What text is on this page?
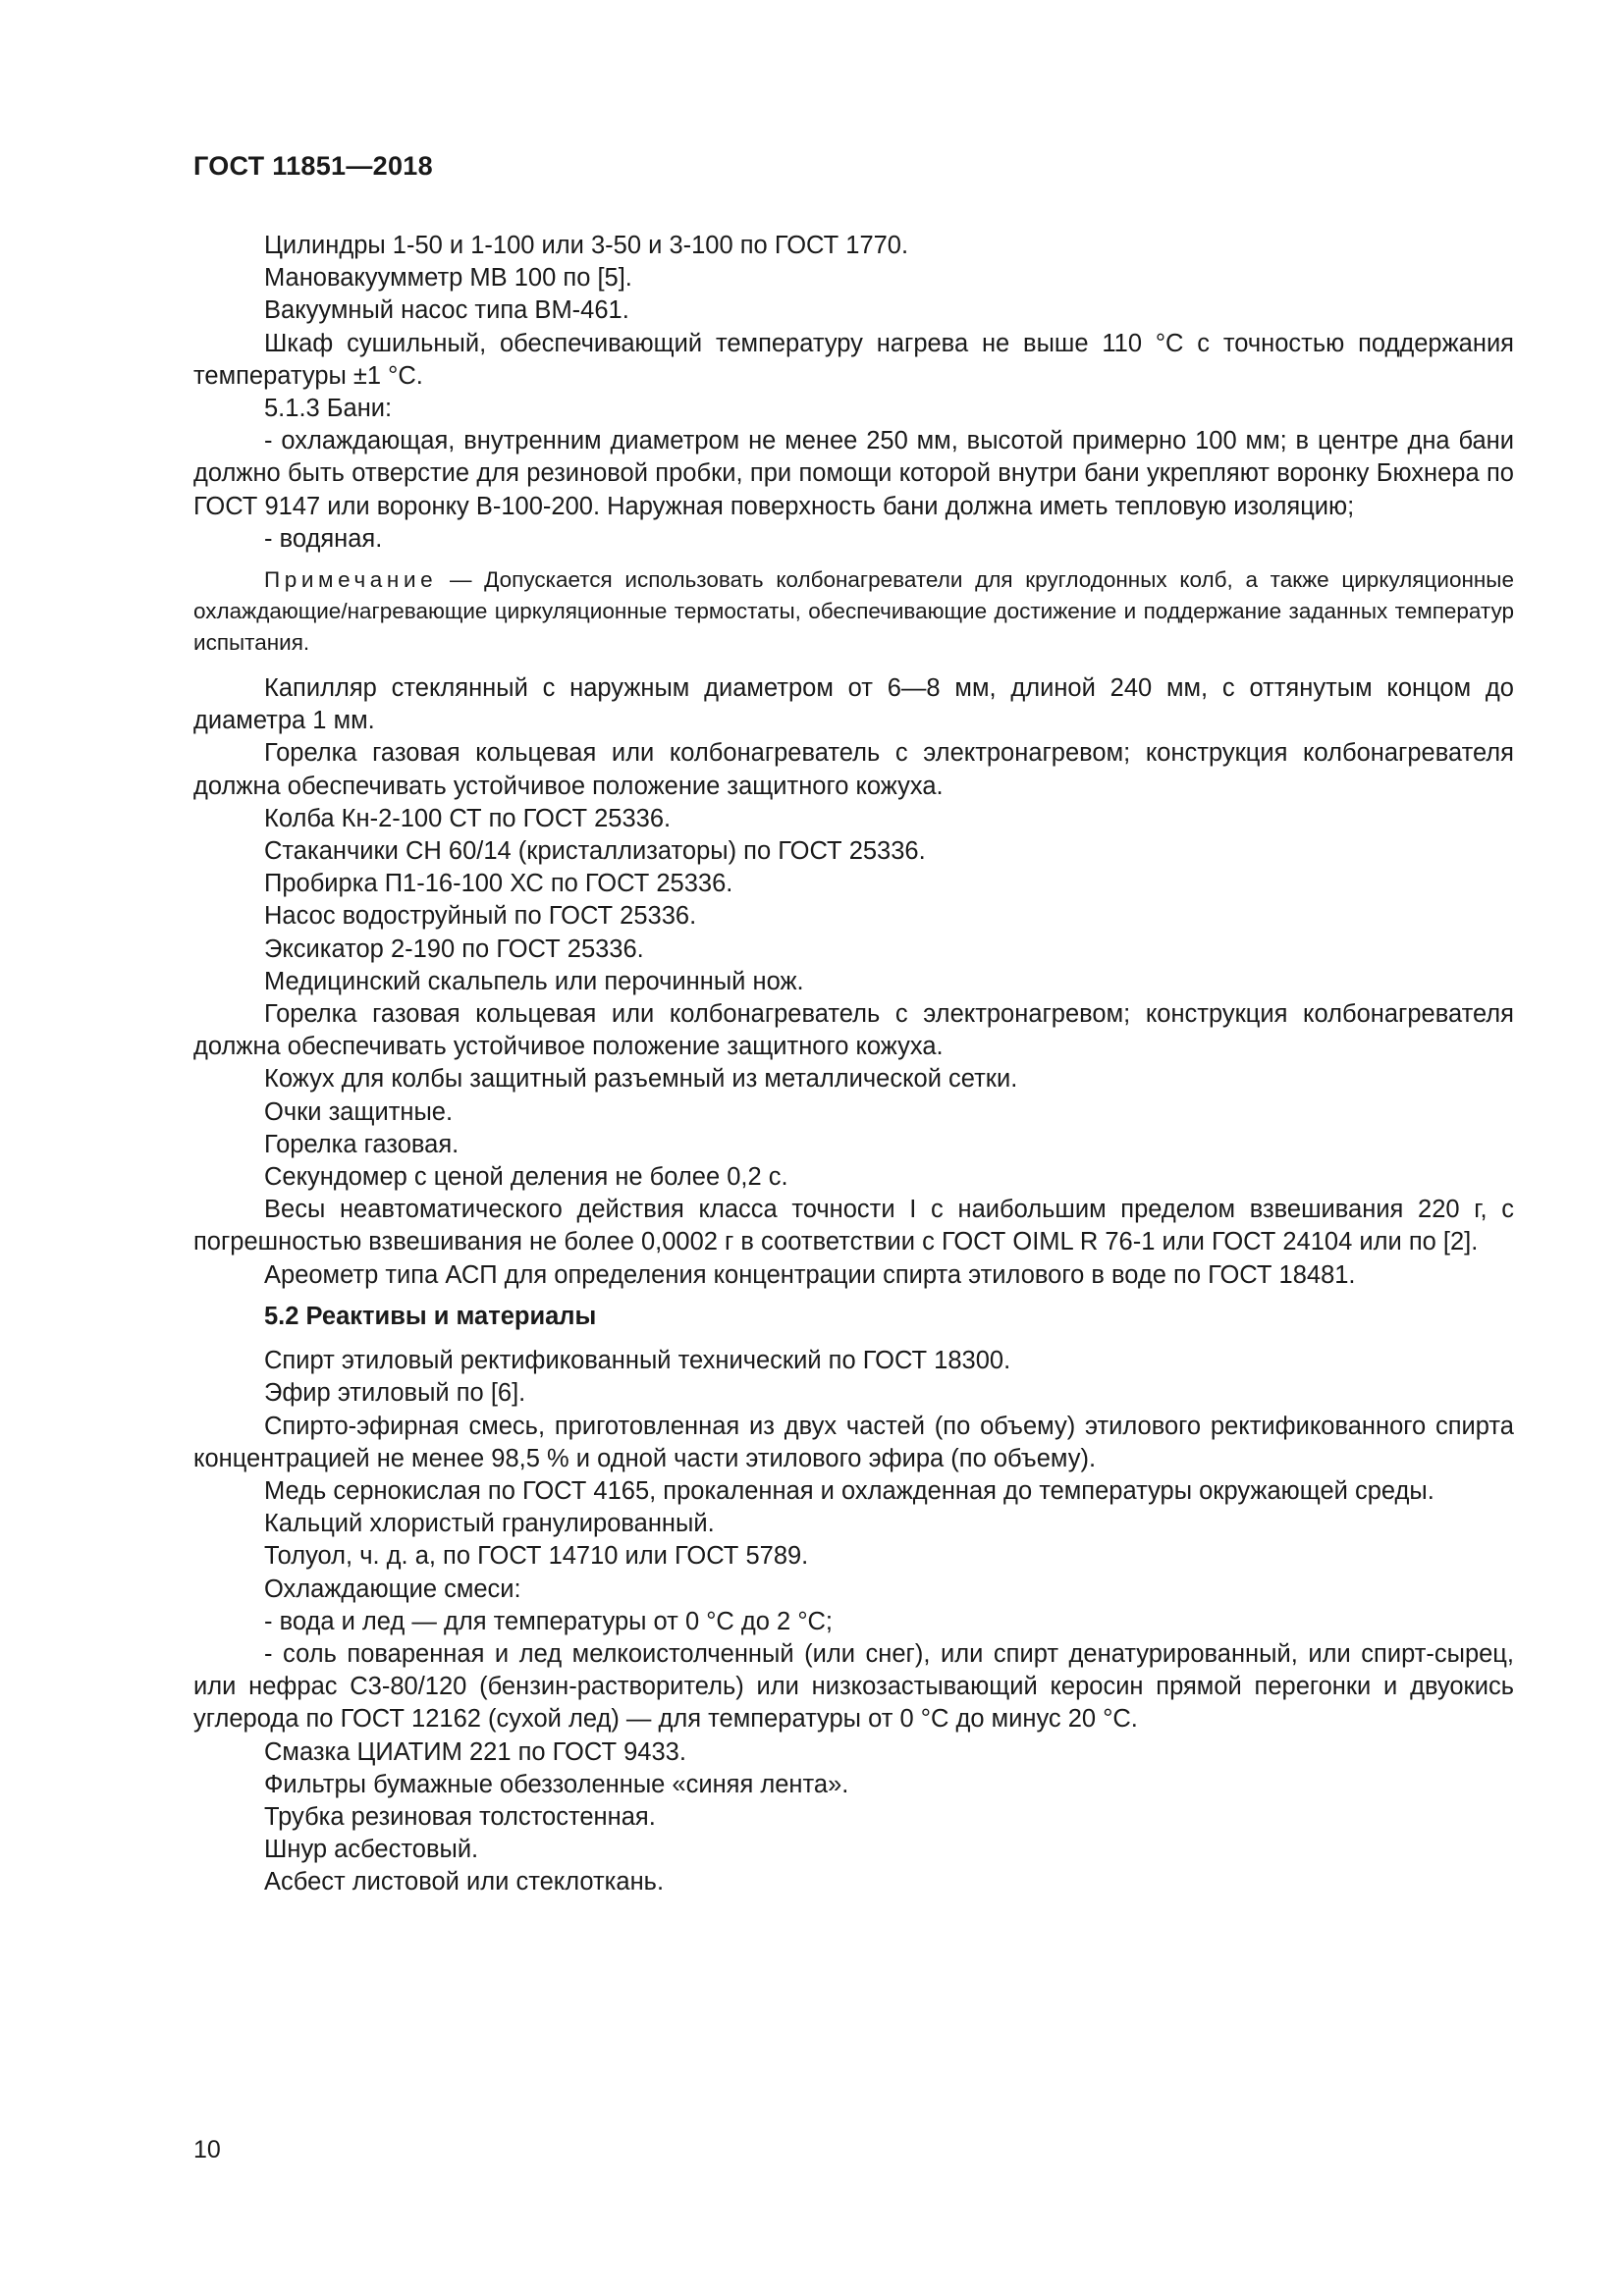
ГОСТ 11851—2018

Цилиндры 1-50 и 1-100 или 3-50 и 3-100 по ГОСТ 1770.

Мановакуумметр МВ 100 по [5].

Вакуумный насос типа ВМ-461.

Шкаф сушильный, обеспечивающий температуру нагрева не выше 110 °С с точностью поддержания температуры ±1 °С.

5.1.3 Бани:

- охлаждающая, внутренним диаметром не менее 250 мм, высотой примерно 100 мм; в центре дна бани должно быть отверстие для резиновой пробки, при помощи которой внутри бани укрепляют воронку Бюхнера по ГОСТ 9147 или воронку В-100-200. Наружная поверхность бани должна иметь тепловую изоляцию;

- водяная.

Примечание — Допускается использовать колбонагреватели для круглодонных колб, а также циркуляционные охлаждающие/нагревающие циркуляционные термостаты, обеспечивающие достижение и поддержание заданных температур испытания.

Капилляр стеклянный с наружным диаметром от 6—8 мм, длиной 240 мм, с оттянутым концом до диаметра 1 мм.

Горелка газовая кольцевая или колбонагреватель с электронагревом; конструкция колбонагревателя должна обеспечивать устойчивое положение защитного кожуха.

Колба Кн-2-100 СТ по ГОСТ 25336.

Стаканчики СН 60/14 (кристаллизаторы) по ГОСТ 25336.

Пробирка П1-16-100 ХС по ГОСТ 25336.

Насос водоструйный по ГОСТ 25336.

Эксикатор 2-190 по ГОСТ 25336.

Медицинский скальпель или перочинный нож.

Горелка газовая кольцевая или колбонагреватель с электронагревом; конструкция колбонагревателя должна обеспечивать устойчивое положение защитного кожуха.

Кожух для колбы защитный разъемный из металлической сетки.

Очки защитные.

Горелка газовая.

Секундомер с ценой деления не более 0,2 с.

Весы неавтоматического действия класса точности I с наибольшим пределом взвешивания 220 г, с погрешностью взвешивания не более 0,0002 г в соответствии с ГОСТ OIML R 76-1 или ГОСТ 24104 или по [2].

Ареометр типа АСП для определения концентрации спирта этилового в воде по ГОСТ 18481.

5.2 Реактивы и материалы

Спирт этиловый ректификованный технический по ГОСТ 18300.

Эфир этиловый по [6].

Спирто-эфирная смесь, приготовленная из двух частей (по объему) этилового ректификованного спирта концентрацией не менее 98,5 % и одной части этилового эфира (по объему).

Медь сернокислая по ГОСТ 4165, прокаленная и охлажденная до температуры окружающей среды.

Кальций хлористый гранулированный.

Толуол, ч. д. а, по ГОСТ 14710 или ГОСТ 5789.

Охлаждающие смеси:

- вода и лед — для температуры от 0 °С до 2 °С;

- соль поваренная и лед мелкоистолченный (или снег), или спирт денатурированный, или спирт-сырец, или нефрас С3-80/120 (бензин-растворитель) или низкозастывающий керосин прямой перегонки и двуокись углерода по ГОСТ 12162 (сухой лед) — для температуры от 0 °С до минус 20 °С.

Смазка ЦИАТИМ 221 по ГОСТ 9433.

Фильтры бумажные обеззоленные «синяя лента».

Трубка резиновая толстостенная.

Шнур асбестовый.

Асбест листовой или стеклоткань.

10
